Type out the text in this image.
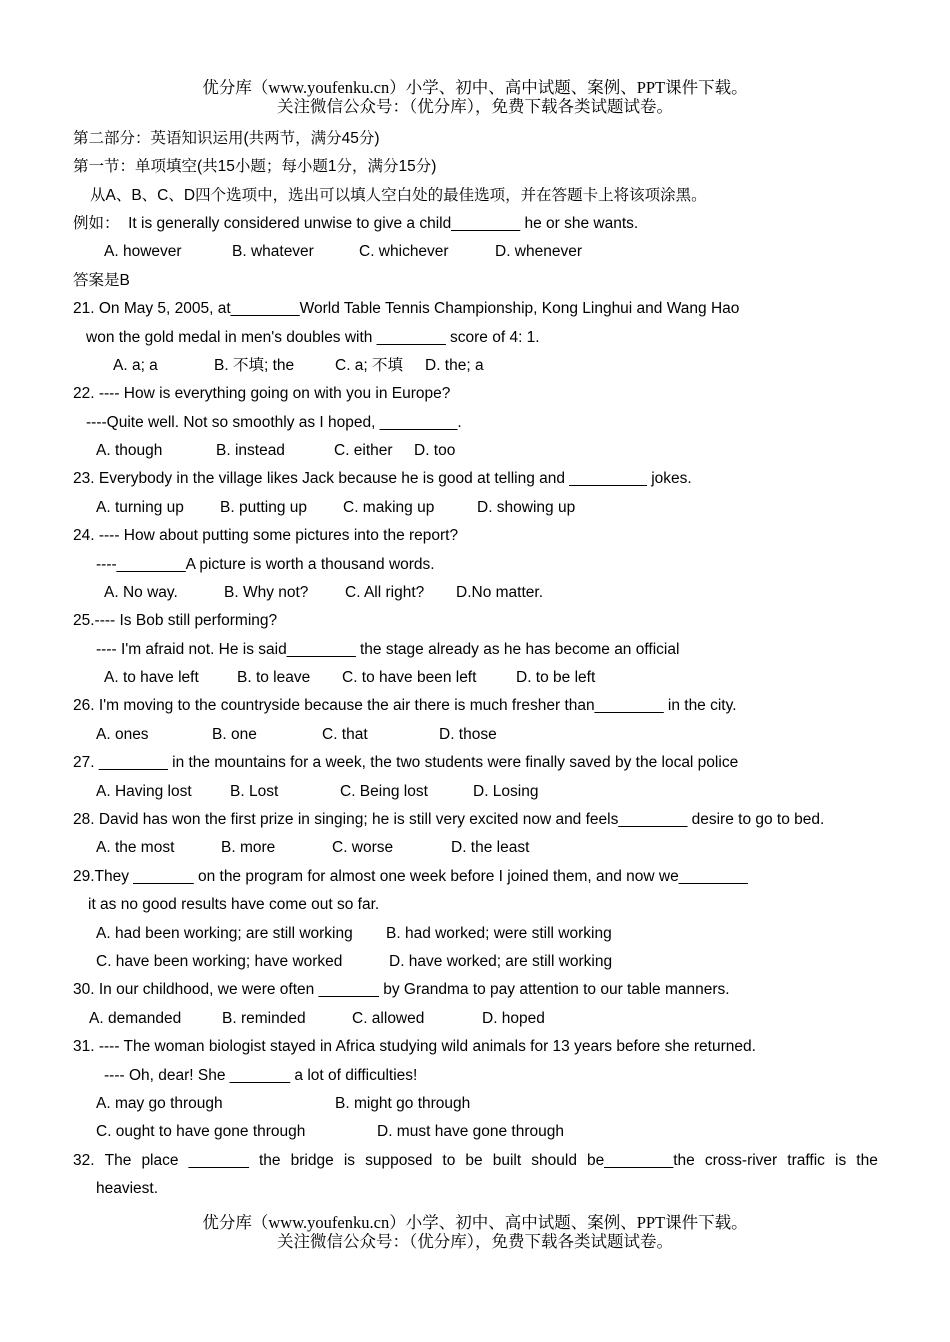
优分库（www.youfenku.cn）小学、初中、高中试题、案例、PPT课件下载。
关注微信公众号：（优分库），免费下载各类试题试卷。
第二部分：英语知识运用(共两节，满分45分)
第一节：单项填空(共15小题；每小题1分，满分15分)
从A、B、C、D四个选项中，选出可以填人空白处的最佳选项，并在答题卡上将该项涂黑。
例如：  It is generally considered unwise to give a child________ he or she wants.
A. however	B. whatever	C. whichever	D. whenever
答案是B
21. On May 5, 2005, at________World Table Tennis Championship, Kong Linghui and Wang Hao
won the gold medal in men's doubles with ________ score of 4: 1.
A. a; a	B. 不填; the	C. a; 不填 D. the; a
22. ---- How is everything going on with you in Europe?
----Quite well. Not so smoothly as I hoped, _________.
A. though	B. instead	C. either D. too
23. Everybody in the village likes Jack because he is good at telling and _________ jokes.
A. turning up B. putting up C. making up	D. showing up
24. ---- How about putting some pictures into the report?
----________A picture is worth a thousand words.
A. No way.	B. Why not? C. All right? D.No matter.
25.---- Is Bob still performing?
---- I'm afraid not. He is said________ the stage already as he has become an official
A. to have left B. to leave C. to have been left	D. to be left
26. I'm moving to the countryside because the air there is much fresher than________ in the city.
A. ones	B. one	C. that	D. those
27. ________ in the mountains for a week, the two students were finally saved by the local police
A. Having lost B. Lost	C. Being lost	D. Losing
28. David has won the first prize in singing; he is still very excited now and feels________ desire to go to bed.
A. the most	B. more	C. worse	D. the least
29.They _______ on the program for almost one week before I joined them, and now we________
it as no good results have come out so far.
A. had been working; are still working B. had worked; were still working
C. have been working; have worked	D. have worked; are still working
30. In our childhood, we were often _______ by Grandma to pay attention to our table manners.
A. demanded	B. reminded	C. allowed	D. hoped
31. ---- The woman biologist stayed in Africa studying wild animals for 13 years before she returned.
---- Oh, dear! She _______ a lot of difficulties!
A. may go through	B. might go through
C. ought to have gone through	D. must have gone through
32. The place _______ the bridge is supposed to be built should be________the cross-river traffic is the
heaviest.
优分库（www.youfenku.cn）小学、初中、高中试题、案例、PPT课件下载。
关注微信公众号：（优分库），免费下载各类试题试卷。
